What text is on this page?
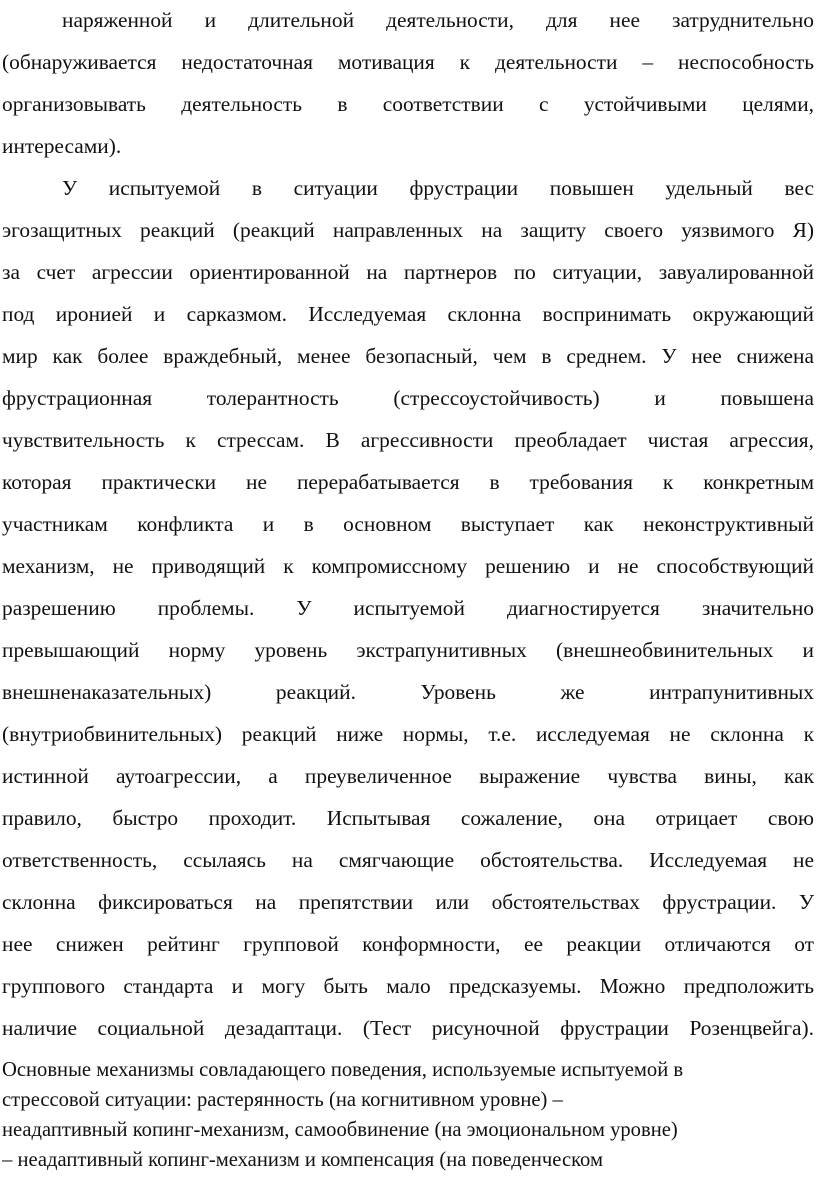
наряженной и длительной деятельности, для нее затруднительно
(обнаруживается недостаточная мотивация к деятельности – неспособность
организовывать деятельность в соответствии с устойчивыми целями,
интересами).
У испытуемой в ситуации фрустрации повышен удельный вес
эгозащитных реакций (реакций направленных на защиту своего уязвимого Я)
за счет агрессии ориентированной на партнеров по ситуации, завуалированной
под иронией и сарказмом. Исследуемая склонна воспринимать окружающий
мир как более враждебный, менее безопасный, чем в среднем. У нее снижена
фрустрационная толерантность (стрессоустойчивость) и повышена
чувствительность к стрессам. В агрессивности преобладает чистая агрессия,
которая практически не перерабатывается в требования к конкретным
участникам конфликта и в основном выступает как неконструктивный
механизм, не приводящий к компромиссному решению и не способствующий
разрешению проблемы. У испытуемой диагностируется значительно
превышающий норму уровень экстрапунитивных (внешнеобвинительных и
внешненаказательных) реакций. Уровень же интрапунитивных
(внутриобвинительных) реакций ниже нормы, т.е. исследуемая не склонна к
истинной аутоагрессии, а преувеличенное выражение чувства вины, как
правило, быстро проходит. Испытывая сожаление, она отрицает свою
ответственность, ссылаясь на смягчающие обстоятельства. Исследуемая не
склонна фиксироваться на препятствии или обстоятельствах фрустрации. У
нее снижен рейтинг групповой конформности, ее реакции отличаются от
группового стандарта и могу быть мало предсказуемы. Можно предположить
наличие социальной дезадаптаци. (Тест рисуночной фрустрации Розенцвейга).
Основные механизмы совладающего поведения, используемые испытуемой в
стрессовой ситуации: растерянность (на когнитивном уровне) –
неадаптивный копинг-механизм, самообвинение (на эмоциональном уровне)
– неадаптивный копинг-механизм и компенсация (на поведенческом
